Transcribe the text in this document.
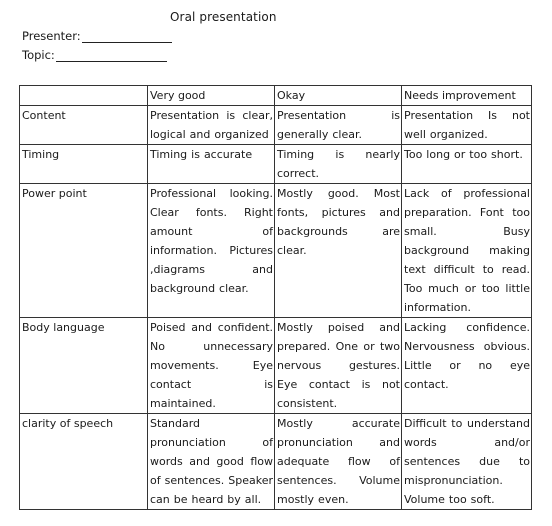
Oral presentation
Presenter:
Topic:
	Very good	Okay	Needs improvement
Content	Presentation is clear, logical and organized	Presentation is generally clear.	Presentation Is not well organized.
Timing	Timing is accurate	Timing is nearly correct.	Too long or too short.
Power point	Professional looking. Clear fonts. Right amount of information. Pictures ,diagrams and background clear.	Mostly good. Most fonts, pictures and backgrounds are clear.	Lack of professional preparation. Font too small. Busy background making text difficult to read. Too much or too little information.
Body language	Poised and confident. No unnecessary movements. Eye contact is maintained.	Mostly poised and prepared. One or two nervous gestures. Eye contact is not consistent.	Lacking confidence. Nervousness obvious. Little or no eye contact.
clarity of speech	Standard pronunciation of words and good flow of sentences. Speaker can be heard by all.	Mostly accurate pronunciation and adequate flow of sentences. Volume mostly even.	Difficult to understand words and/or sentences due to mispronunciation. Volume too soft.
